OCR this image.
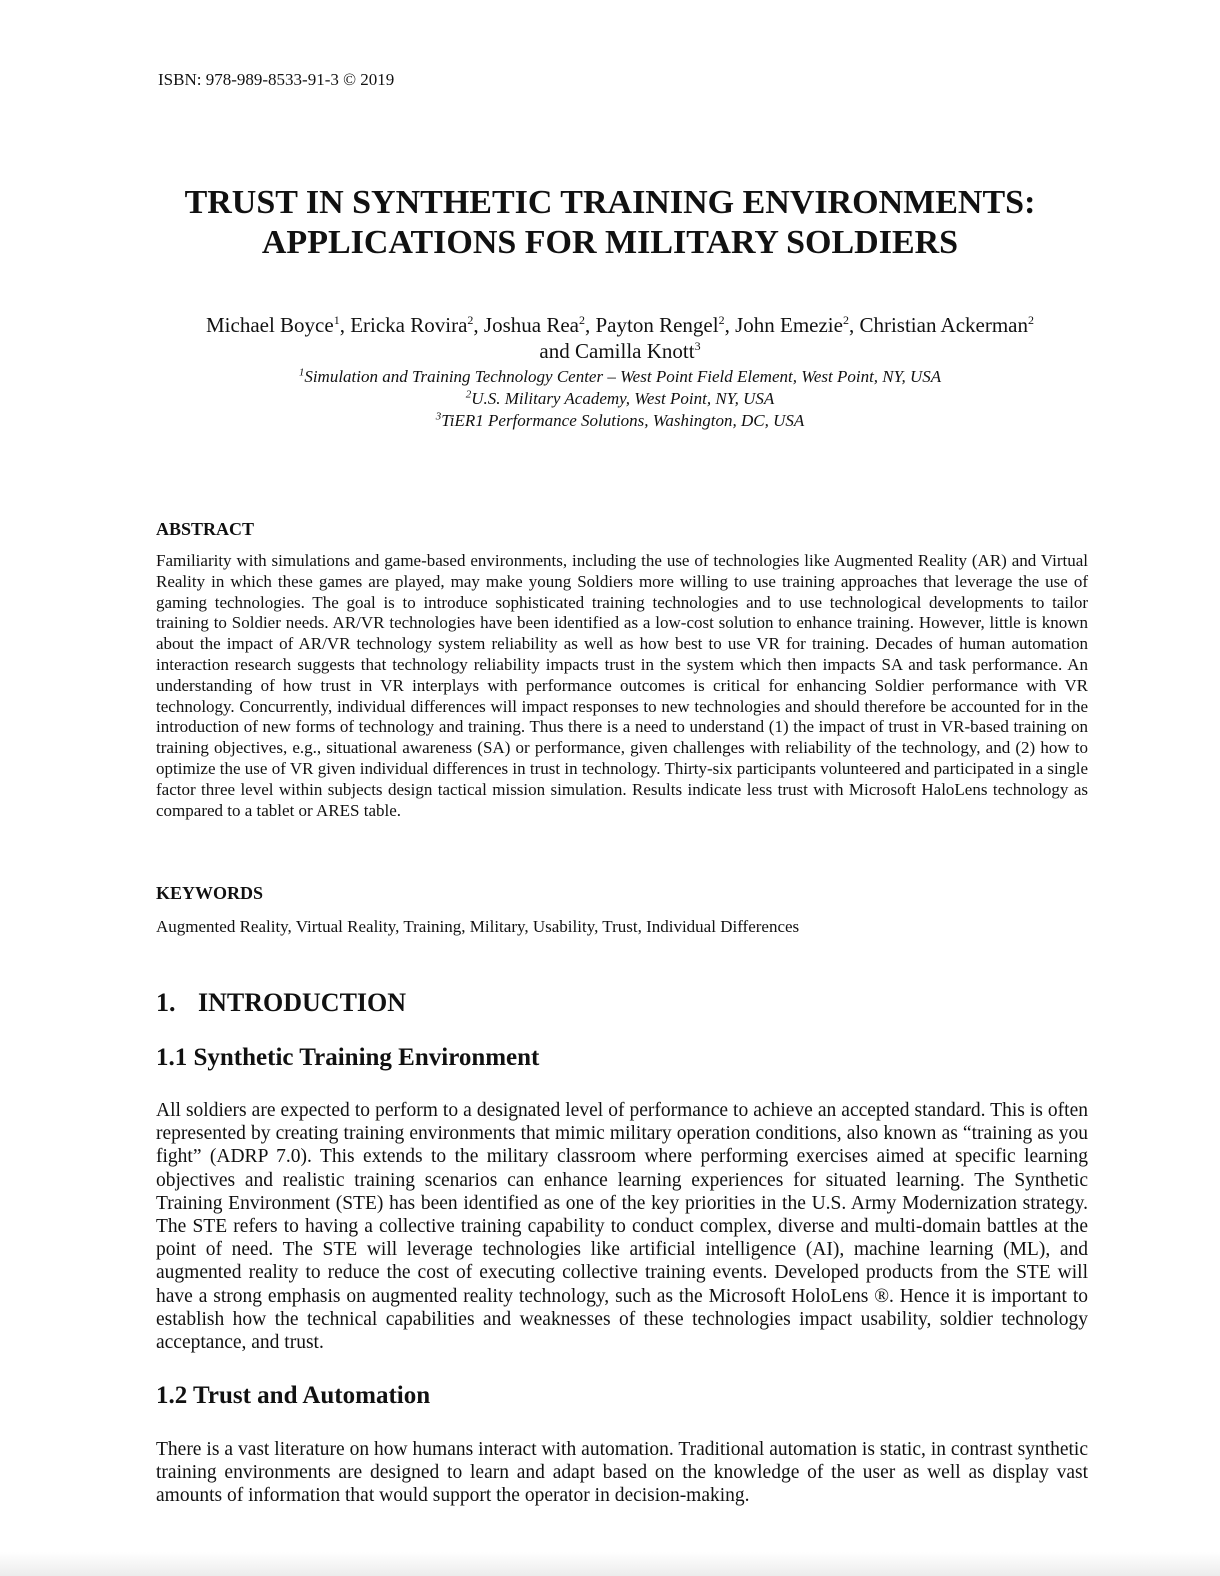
ISBN: 978-989-8533-91-3 © 2019
TRUST IN SYNTHETIC TRAINING ENVIRONMENTS:
APPLICATIONS FOR MILITARY SOLDIERS
Michael Boyce$^1$, Ericka Rovira$^2$, Joshua Rea$^2$, Payton Rengel$^2$, John Emezie$^2$, Christian Ackerman$^2$
and Camilla Knott$^3$
$^1$Simulation and Training Technology Center – West Point Field Element, West Point, NY, USA
$^2$U.S. Military Academy, West Point, NY, USA
$^3$TiER1 Performance Solutions, Washington, DC, USA
ABSTRACT
Familiarity with simulations and game-based environments, including the use of technologies like Augmented Reality (AR) and Virtual Reality in which these games are played, may make young Soldiers more willing to use training approaches that leverage the use of gaming technologies. The goal is to introduce sophisticated training technologies and to use technological developments to tailor training to Soldier needs. AR/VR technologies have been identified as a low-cost solution to enhance training. However, little is known about the impact of AR/VR technology system reliability as well as how best to use VR for training. Decades of human automation interaction research suggests that technology reliability impacts trust in the system which then impacts SA and task performance. An understanding of how trust in VR interplays with performance outcomes is critical for enhancing Soldier performance with VR technology. Concurrently, individual differences will impact responses to new technologies and should therefore be accounted for in the introduction of new forms of technology and training. Thus there is a need to understand (1) the impact of trust in VR-based training on training objectives, e.g., situational awareness (SA) or performance, given challenges with reliability of the technology, and (2) how to optimize the use of VR given individual differences in trust in technology. Thirty-six participants volunteered and participated in a single factor three level within subjects design tactical mission simulation. Results indicate less trust with Microsoft HaloLens technology as compared to a tablet or ARES table.
KEYWORDS
Augmented Reality, Virtual Reality, Training, Military, Usability, Trust, Individual Differences
1. INTRODUCTION
1.1 Synthetic Training Environment
All soldiers are expected to perform to a designated level of performance to achieve an accepted standard. This is often represented by creating training environments that mimic military operation conditions, also known as “training as you fight” (ADRP 7.0). This extends to the military classroom where performing exercises aimed at specific learning objectives and realistic training scenarios can enhance learning experiences for situated learning. The Synthetic Training Environment (STE) has been identified as one of the key priorities in the U.S. Army Modernization strategy. The STE refers to having a collective training capability to conduct complex, diverse and multi-domain battles at the point of need. The STE will leverage technologies like artificial intelligence (AI), machine learning (ML), and augmented reality to reduce the cost of executing collective training events. Developed products from the STE will have a strong emphasis on augmented reality technology, such as the Microsoft HoloLens ®. Hence it is important to establish how the technical capabilities and weaknesses of these technologies impact usability, soldier technology acceptance, and trust.
1.2 Trust and Automation
There is a vast literature on how humans interact with automation. Traditional automation is static, in contrast synthetic training environments are designed to learn and adapt based on the knowledge of the user as well as display vast amounts of information that would support the operator in decision-making.
